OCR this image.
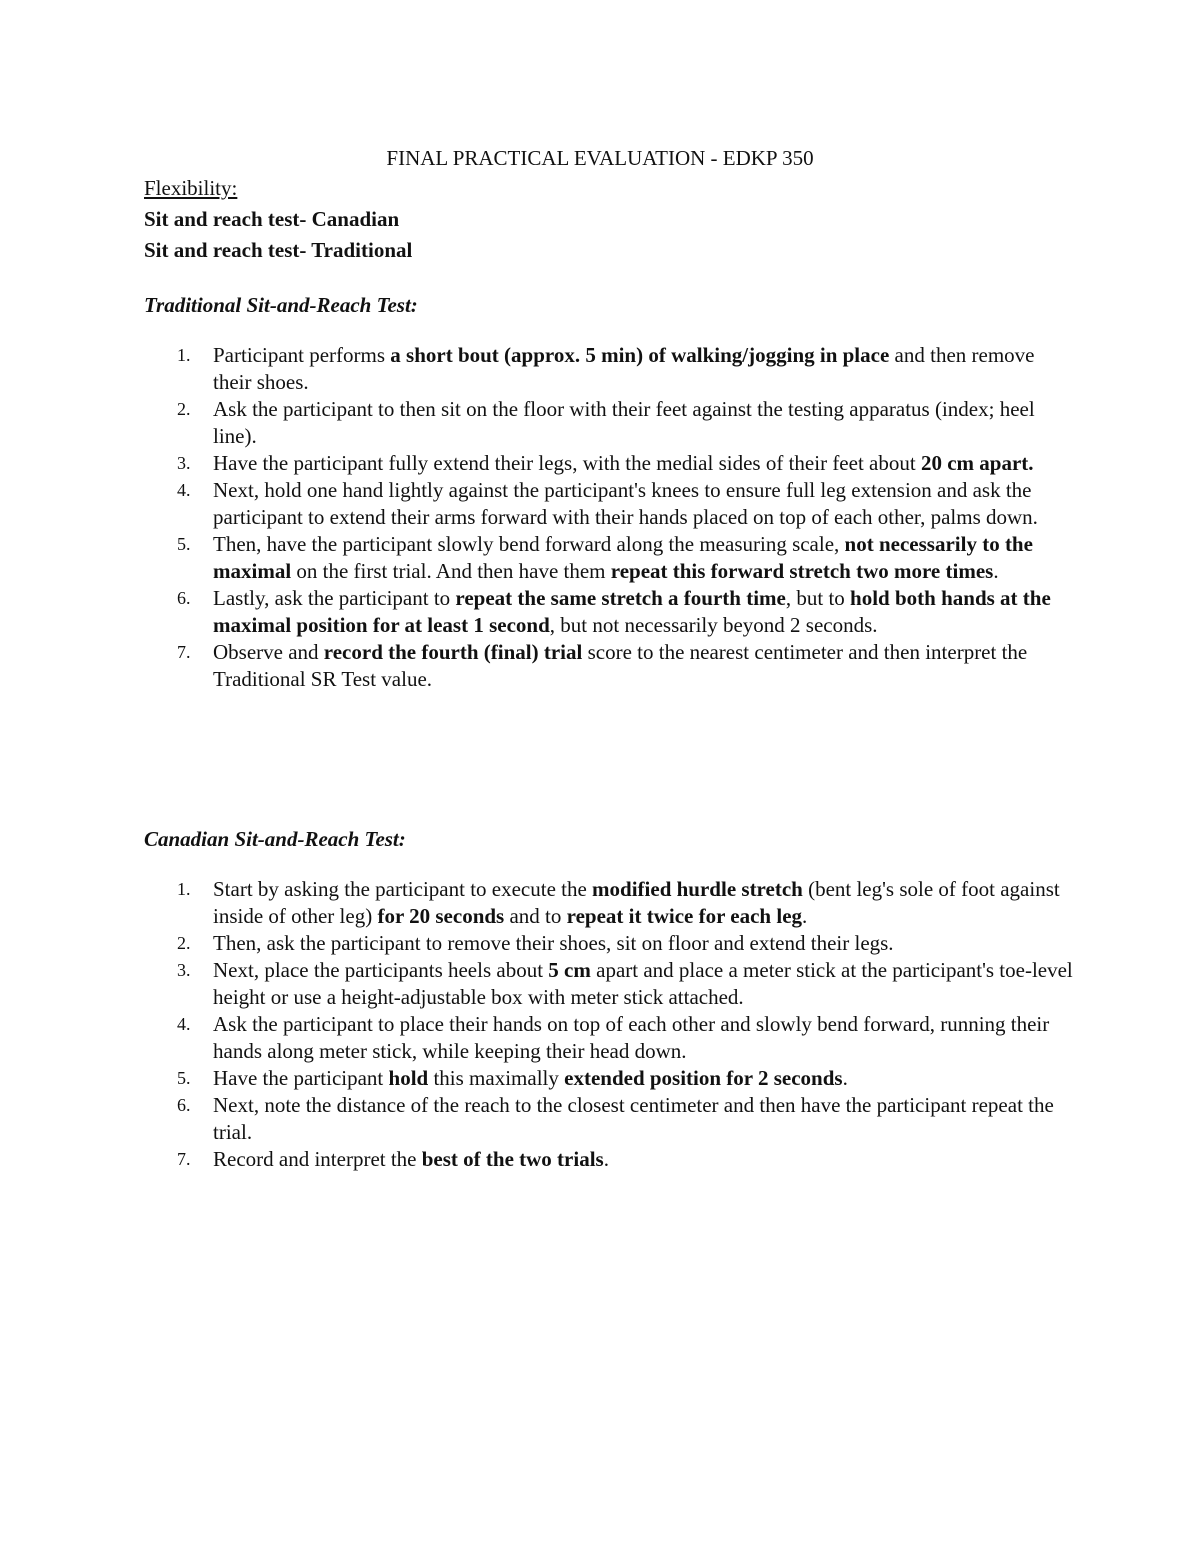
FINAL PRACTICAL EVALUATION - EDKP 350
Flexibility:
Sit and reach test- Canadian
Sit and reach test- Traditional
Traditional Sit-and-Reach Test:
1. Participant performs a short bout (approx. 5 min) of walking/jogging in place and then remove their shoes.
2. Ask the participant to then sit on the floor with their feet against the testing apparatus (index; heel line).
3. Have the participant fully extend their legs, with the medial sides of their feet about 20 cm apart.
4. Next, hold one hand lightly against the participant's knees to ensure full leg extension and ask the participant to extend their arms forward with their hands placed on top of each other, palms down.
5. Then, have the participant slowly bend forward along the measuring scale, not necessarily to the maximal on the first trial. And then have them repeat this forward stretch two more times.
6. Lastly, ask the participant to repeat the same stretch a fourth time, but to hold both hands at the maximal position for at least 1 second, but not necessarily beyond 2 seconds.
7. Observe and record the fourth (final) trial score to the nearest centimeter and then interpret the Traditional SR Test value.
Canadian Sit-and-Reach Test:
1. Start by asking the participant to execute the modified hurdle stretch (bent leg's sole of foot against inside of other leg) for 20 seconds and to repeat it twice for each leg.
2. Then, ask the participant to remove their shoes, sit on floor and extend their legs.
3. Next, place the participants heels about 5 cm apart and place a meter stick at the participant's toe-level height or use a height-adjustable box with meter stick attached.
4. Ask the participant to place their hands on top of each other and slowly bend forward, running their hands along meter stick, while keeping their head down.
5. Have the participant hold this maximally extended position for 2 seconds.
6. Next, note the distance of the reach to the closest centimeter and then have the participant repeat the trial.
7. Record and interpret the best of the two trials.
